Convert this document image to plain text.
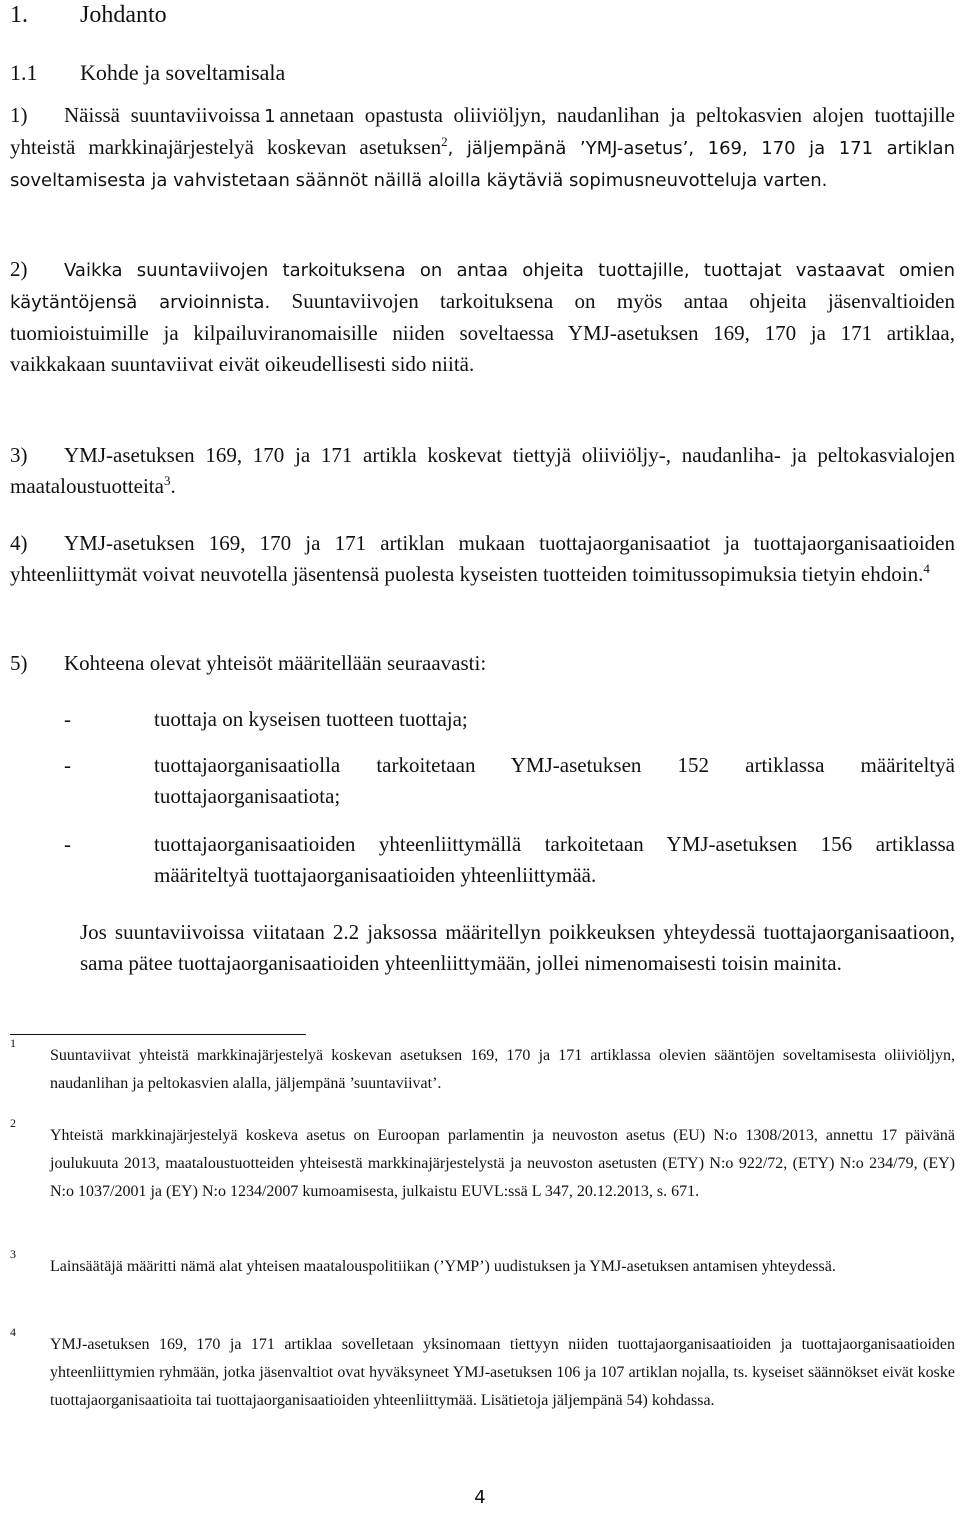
1. Johdanto
1.1 Kohde ja soveltamisala
1) Näissä suuntaviivoissa 1 annetaan opastusta oliiviöljyn, naudanlihan ja peltokasvien alojen tuottajille yhteistä markkinajärjestelyä koskevan asetuksen$^2$, jäljempänä ’YMJ-asetus’, 169, 170 ja 171 artiklan soveltamisesta ja vahvistetaan säännöt näillä aloilla käytäviä sopimusneuvotteluja varten.
2) Vaikka suuntaviivojen tarkoituksena on antaa ohjeita tuottajille, tuottajat vastaavat omien käytäntöjensä arvioinnista. Suuntaviivojen tarkoituksena on myös antaa ohjeita jäsenvaltioiden tuomioistuimille ja kilpailuviranomaisille niiden soveltaessa YMJ-asetuksen 169, 170 ja 171 artiklaa, vaikkakaan suuntaviivat eivät oikeudellisesti sido niitä.
3) YMJ-asetuksen 169, 170 ja 171 artikla koskevat tiettyjä oliiviöljy-, naudanliha- ja peltokasvialojen maataloustuotteita$^3$.
4) YMJ-asetuksen 169, 170 ja 171 artiklan mukaan tuottajaorganisaatiot ja tuottajaorganisaatioiden yhteenliittymät voivat neuvotella jäsentensä puolesta kyseisten tuotteiden toimitussopimuksia tietyin ehdoin.$^4$
5) Kohteena olevat yhteisöt määritellään seuraavasti:
-	tuottaja on kyseisen tuotteen tuottaja;
-	tuottajaorganisaatiolla tarkoitetaan YMJ-asetuksen 152 artiklassa määriteltyä tuottajaorganisaatiota;
-	tuottajaorganisaatioiden yhteenliittymällä tarkoitetaan YMJ-asetuksen 156 artiklassa määriteltyä tuottajaorganisaatioiden yhteenliittymää.
Jos suuntaviivoissa viitataan 2.2 jaksossa määritellyn poikkeuksen yhteydessä tuottajaorganisaatioon, sama pätee tuottajaorganisaatioiden yhteenliittymään, jollei nimenomaisesti toisin mainita.
1
Suuntaviivat yhteistä markkinajärjestelyä koskevan asetuksen 169, 170 ja 171 artiklassa olevien sääntöjen soveltamisesta oliiviöljyn, naudanlihan ja peltokasvien alalla, jäljempänä ’suuntaviivat’.
2
Yhteistä markkinajärjestelyä koskeva asetus on Euroopan parlamentin ja neuvoston asetus (EU) N:o 1308/2013, annettu 17 päivänä joulukuuta 2013, maataloustuotteiden yhteisestä markkinajärjestelystä ja neuvoston asetusten (ETY) N:o 922/72, (ETY) N:o 234/79, (EY) N:o 1037/2001 ja (EY) N:o 1234/2007 kumoamisesta, julkaistu EUVL:ssä L 347, 20.12.2013, s. 671.
3
Lainsäätäjä määritti nämä alat yhteisen maatalouspolitiikan (’YMP’) uudistuksen ja YMJ-asetuksen antamisen yhteydessä.
4
YMJ-asetuksen 169, 170 ja 171 artiklaa sovelletaan yksinomaan tiettyyn niiden tuottajaorganisaatioiden ja tuottajaorganisaatioiden yhteenliittymien ryhmään, jotka jäsenvaltiot ovat hyväksyneet YMJ-asetuksen 106 ja 107 artiklan nojalla, ts. kyseiset säännökset eivät koske tuottajaorganisaatioita tai tuottajaorganisaatioiden yhteenliittymää. Lisätietoja jäljempänä 54) kohdassa.
4
